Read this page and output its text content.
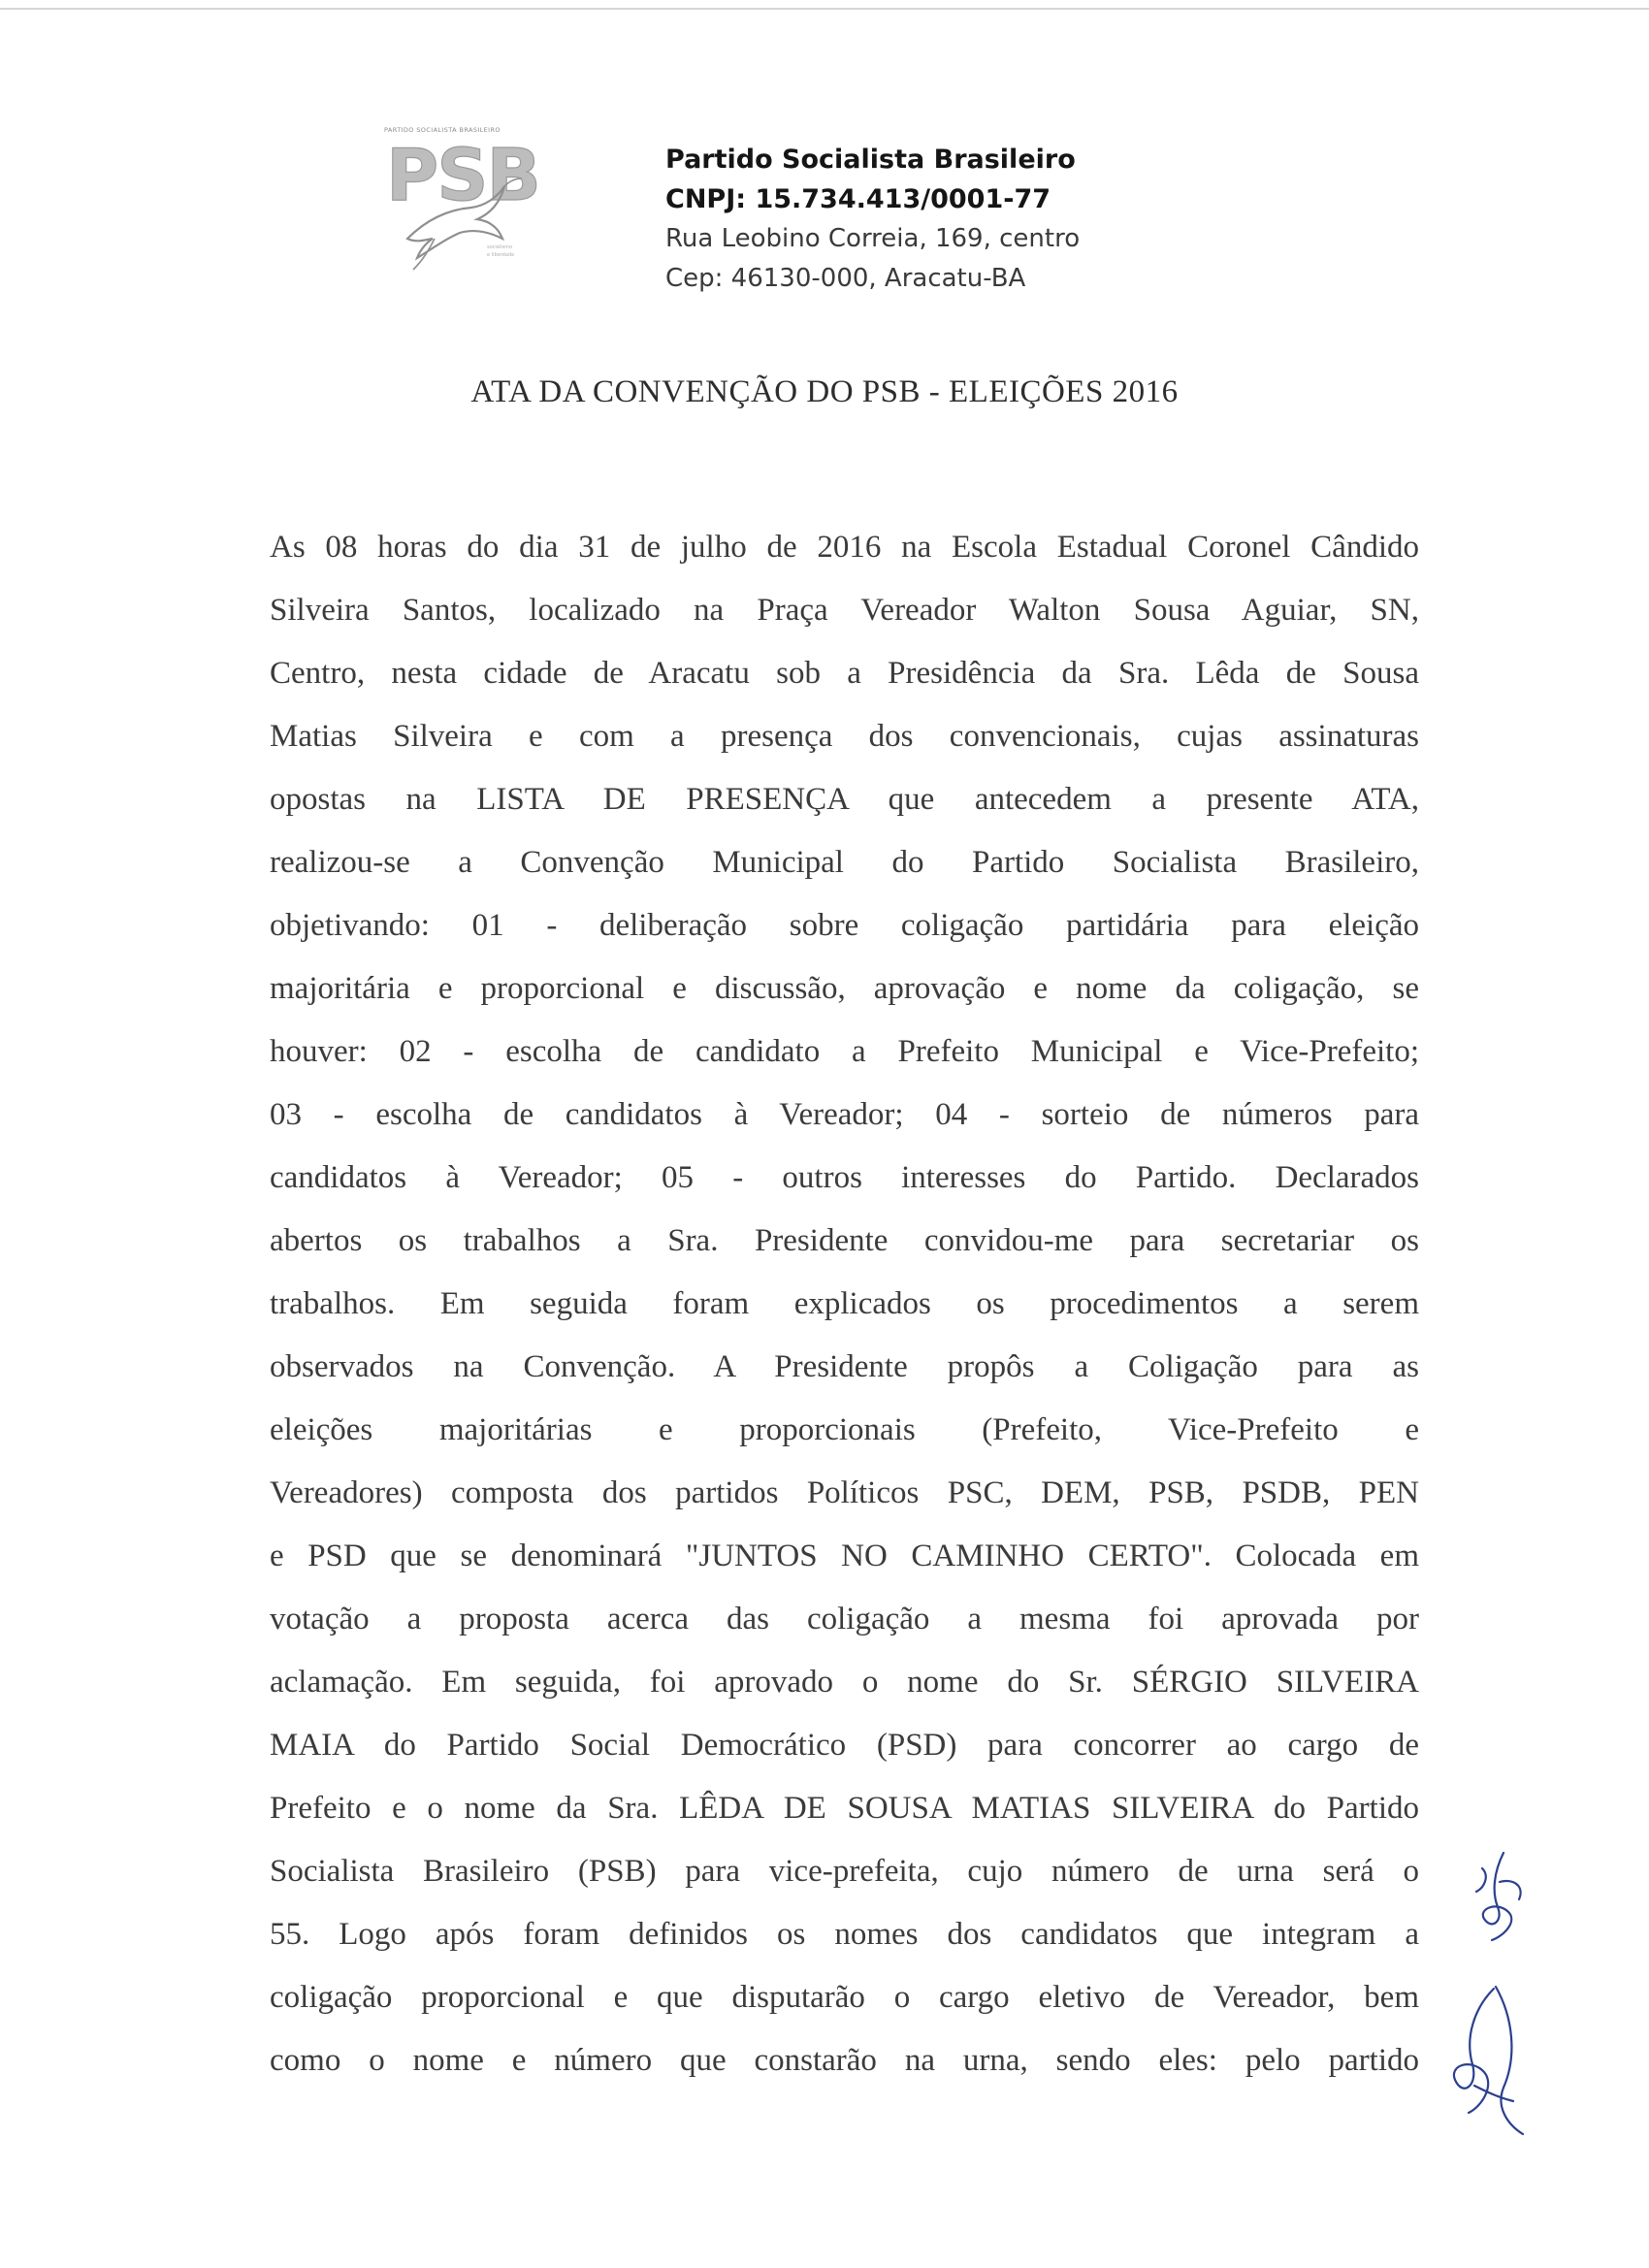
PARTIDO SOCIALISTA BRASILEIRO
PSB
socialismo
e liberdade
Partido Socialista Brasileiro
CNPJ: 15.734.413/0001-77
Rua Leobino Correia, 169, centro
Cep: 46130-000, Aracatu-BA
ATA DA CONVENÇÃO DO PSB - ELEIÇÕES 2016
As 08 horas do dia 31 de julho de 2016 na Escola Estadual Coronel Cândido
Silveira Santos, localizado na Praça Vereador Walton Sousa Aguiar, SN,
Centro, nesta cidade de Aracatu sob a Presidência da Sra. Lêda de Sousa
Matias Silveira e com a presença dos convencionais, cujas assinaturas
opostas na LISTA DE PRESENÇA que antecedem a presente ATA,
realizou-se a Convenção Municipal do Partido Socialista Brasileiro,
objetivando: 01 - deliberação sobre coligação partidária para eleição
majoritária e proporcional e discussão, aprovação e nome da coligação, se
houver: 02 - escolha de candidato a Prefeito Municipal e Vice-Prefeito;
03 - escolha de candidatos à Vereador; 04 - sorteio de números para
candidatos à Vereador; 05 - outros interesses do Partido. Declarados
abertos os trabalhos a Sra. Presidente convidou-me para secretariar os
trabalhos. Em seguida foram explicados os procedimentos a serem
observados na Convenção. A Presidente propôs a Coligação para as
eleições majoritárias e proporcionais (Prefeito, Vice-Prefeito e
Vereadores) composta dos partidos Políticos PSC, DEM, PSB, PSDB, PEN
e PSD que se denominará "JUNTOS NO CAMINHO CERTO". Colocada em
votação a proposta acerca das coligação a mesma foi aprovada por
aclamação. Em seguida, foi aprovado o nome do Sr. SÉRGIO SILVEIRA
MAIA do Partido Social Democrático (PSD) para concorrer ao cargo de
Prefeito e o nome da Sra. LÊDA DE SOUSA MATIAS SILVEIRA do Partido
Socialista Brasileiro (PSB) para vice-prefeita, cujo número de urna será o
55. Logo após foram definidos os nomes dos candidatos que integram a
coligação proporcional e que disputarão o cargo eletivo de Vereador, bem
como o nome e número que constarão na urna, sendo eles: pelo partido
